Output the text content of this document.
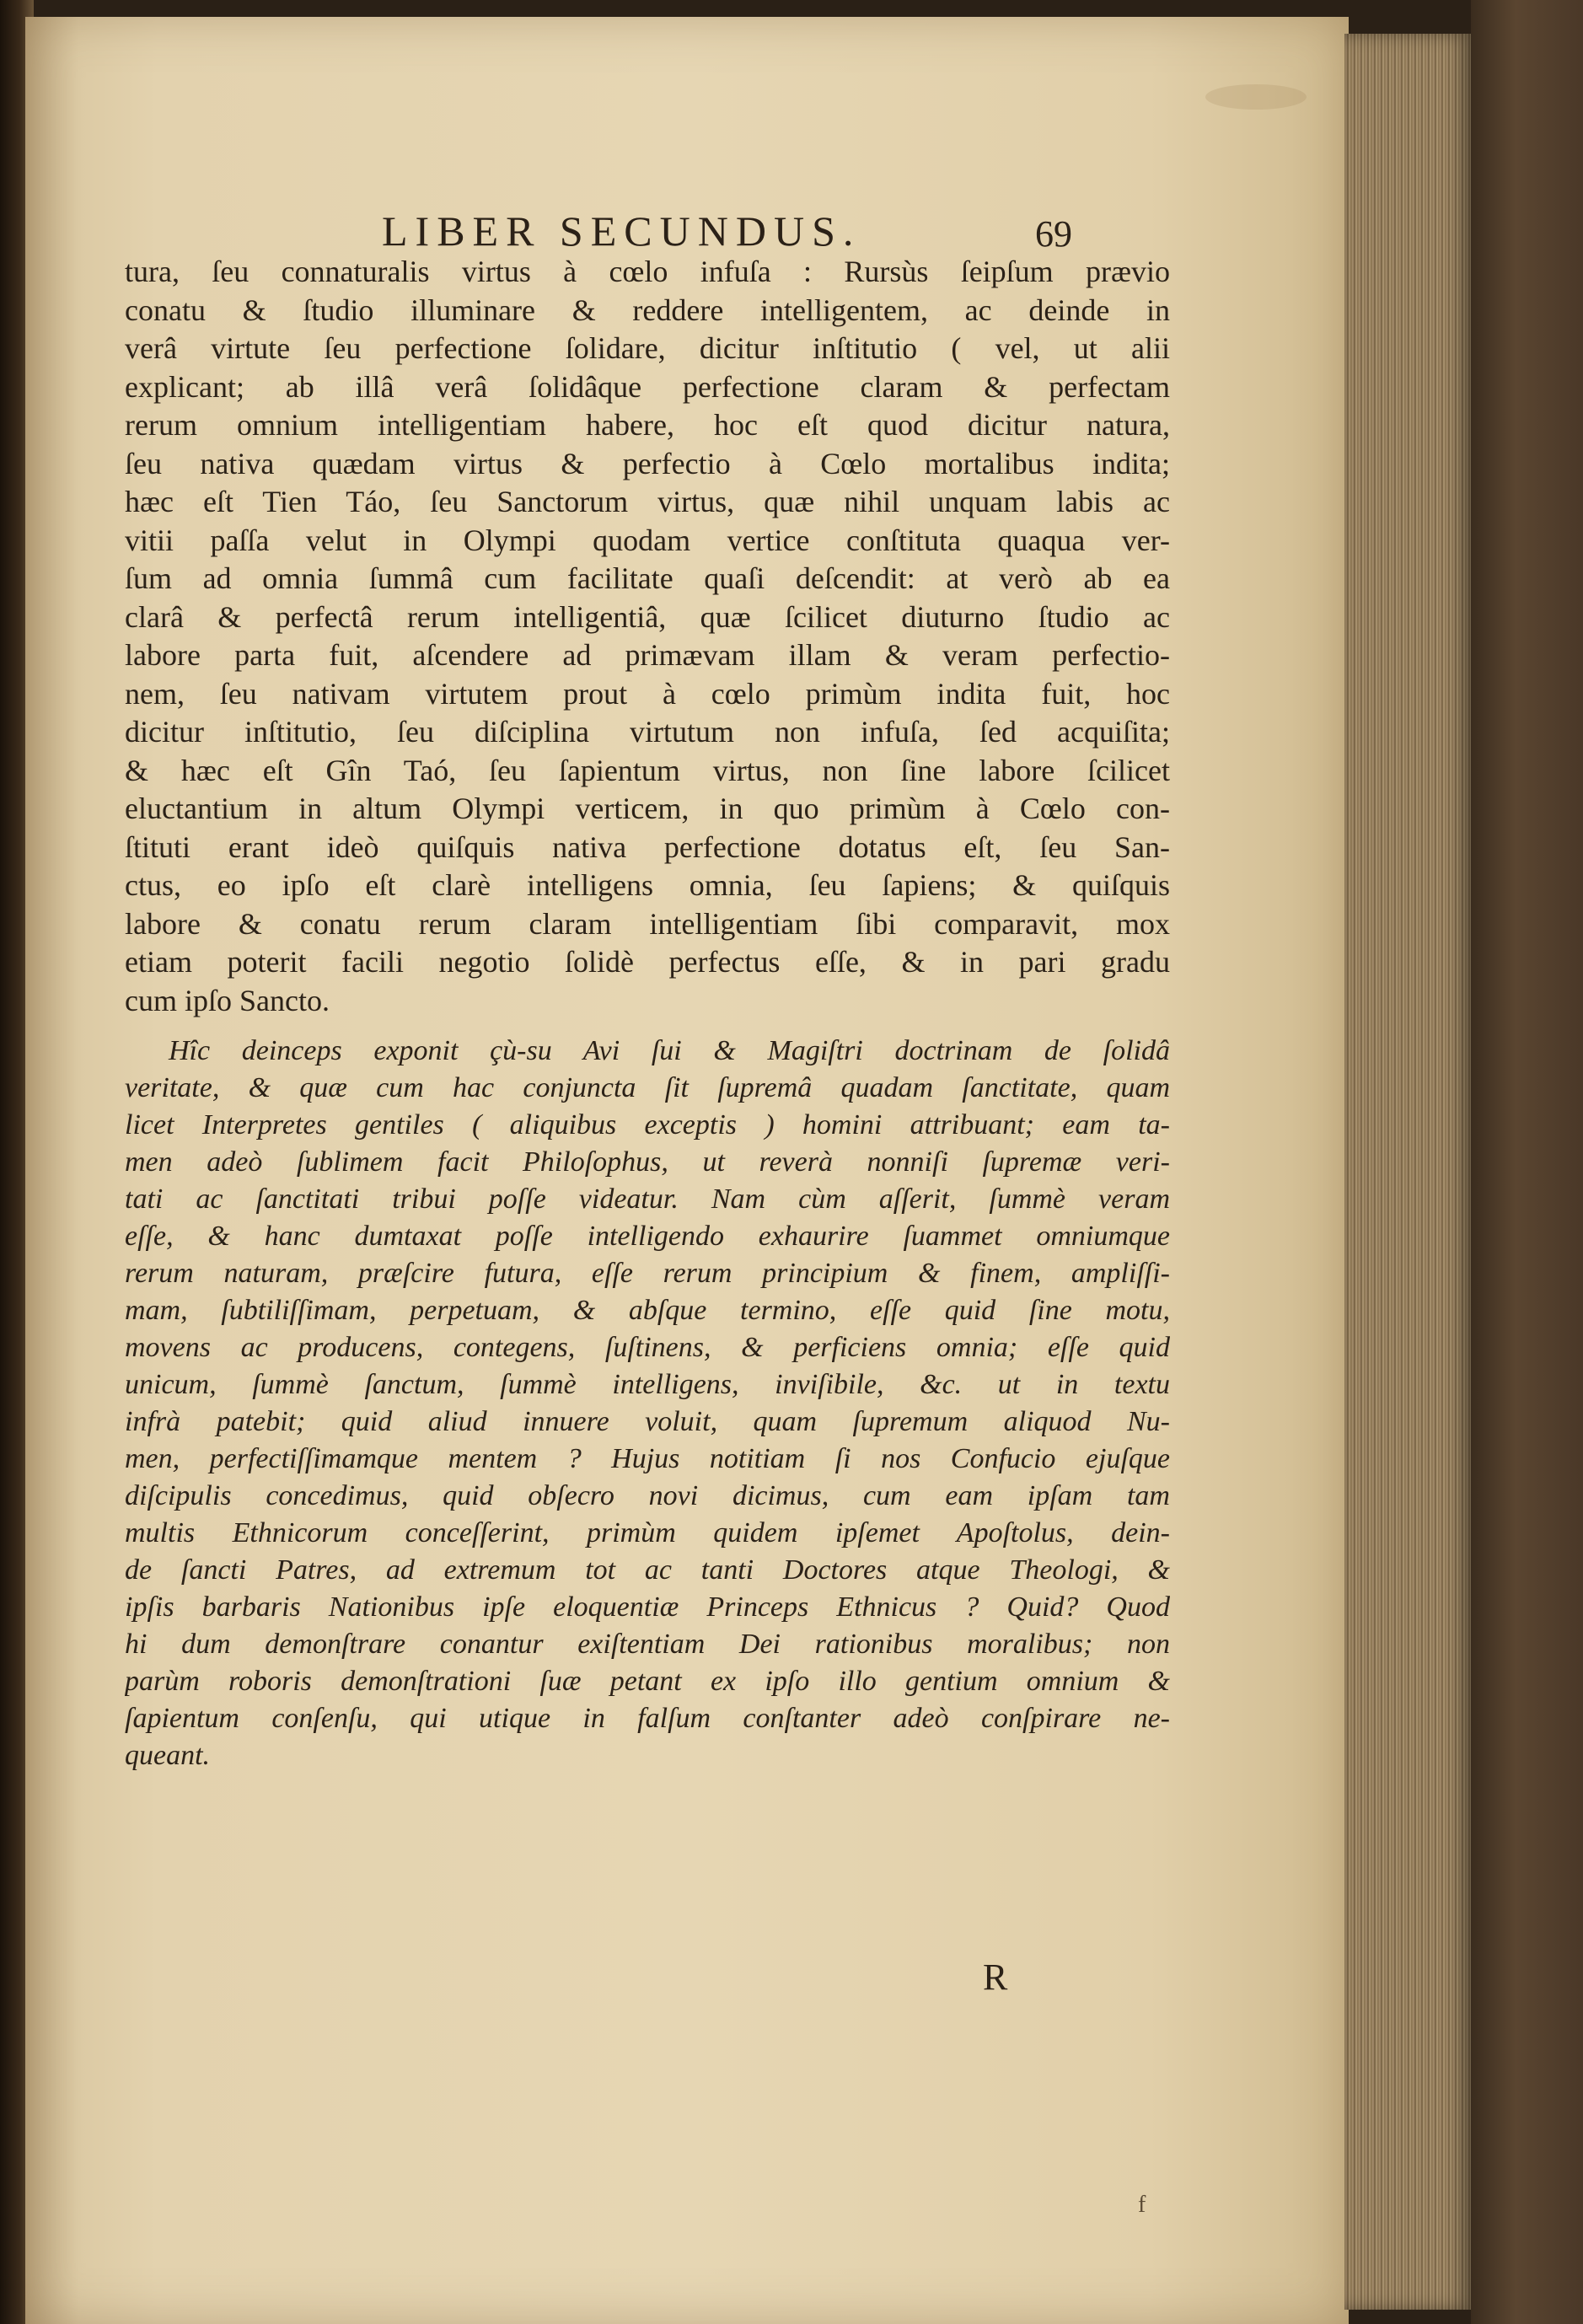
LIBER SECUNDUS.	69
tura, ſeu connaturalis virtus à cœlo infuſa : Rursùs ſeipſum prævio
conatu & ſtudio illuminare & reddere intelligentem, ac deinde in
verâ virtute ſeu perfectione ſolidare, dicitur inſtitutio ( vel, ut alii
explicant; ab illâ verâ ſolidâque perfectione claram & perfectam
rerum omnium intelligentiam habere, hoc eſt quod dicitur natura,
ſeu nativa quædam virtus & perfectio à Cœlo mortalibus indita;
hæc eſt Tien Táo, ſeu Sanctorum virtus, quæ nihil unquam labis ac
vitii paſſa velut in Olympi quodam vertice conſtituta quaqua ver-
ſum ad omnia ſummâ cum facilitate quaſi deſcendit: at verò ab ea
clarâ & perfectâ rerum intelligentiâ, quæ ſcilicet diuturno ſtudio ac
labore parta fuit, aſcendere ad primævam illam & veram perfectio-
nem, ſeu nativam virtutem prout à cœlo primùm indita fuit, hoc
dicitur inſtitutio, ſeu diſciplina virtutum non infuſa, ſed acquiſita;
& hæc eſt Gîn Taó, ſeu ſapientum virtus, non ſine labore ſcilicet
eluctantium in altum Olympi verticem, in quo primùm à Cœlo con-
ſtituti erant ideò quiſquis nativa perfectione dotatus eſt, ſeu San-
ctus, eo ipſo eſt clarè intelligens omnia, ſeu ſapiens; & quiſquis
labore & conatu rerum claram intelligentiam ſibi comparavit, mox
etiam poterit facili negotio ſolidè perfectus eſſe, & in pari gradu
cum ipſo Sancto.
Hîc deinceps exponit çù-su Avi ſui & Magiſtri doctrinam de ſolidâ
veritate, & quæ cum hac conjuncta ſit ſupremâ quadam ſanctitate, quam
licet Interpretes gentiles ( aliquibus exceptis ) homini attribuant; eam ta-
men adeò ſublimem facit Philoſophus, ut reverà nonniſi ſupremæ veri-
tati ac ſanctitati tribui poſſe videatur. Nam cùm aſſerit, ſummè veram
eſſe, & hanc dumtaxat poſſe intelligendo exhaurire ſuammet omniumque
rerum naturam, præſcire futura, eſſe rerum principium & finem, ampliſſi-
mam, ſubtiliſſimam, perpetuam, & abſque termino, eſſe quid ſine motu,
movens ac producens, contegens, ſuſtinens, & perficiens omnia; eſſe quid
unicum, ſummè ſanctum, ſummè intelligens, inviſibile, &c. ut in textu
infrà patebit; quid aliud innuere voluit, quam ſupremum aliquod Nu-
men, perfectiſſimamque mentem ? Hujus notitiam ſi nos Confucio ejuſque
diſcipulis concedimus, quid obſecro novi dicimus, cum eam ipſam tam
multis Ethnicorum conceſſerint, primùm quidem ipſemet Apoſtolus, dein-
de ſancti Patres, ad extremum tot ac tanti Doctores atque Theologi, &
ipſis barbaris Nationibus ipſe eloquentiæ Princeps Ethnicus ? Quid? Quod
hi dum demonſtrare conantur exiſtentiam Dei rationibus moralibus; non
parùm roboris demonſtrationi ſuæ petant ex ipſo illo gentium omnium &
ſapientum conſenſu, qui utique in falſum conſtanter adeò conſpirare ne-
queant.
R
f
